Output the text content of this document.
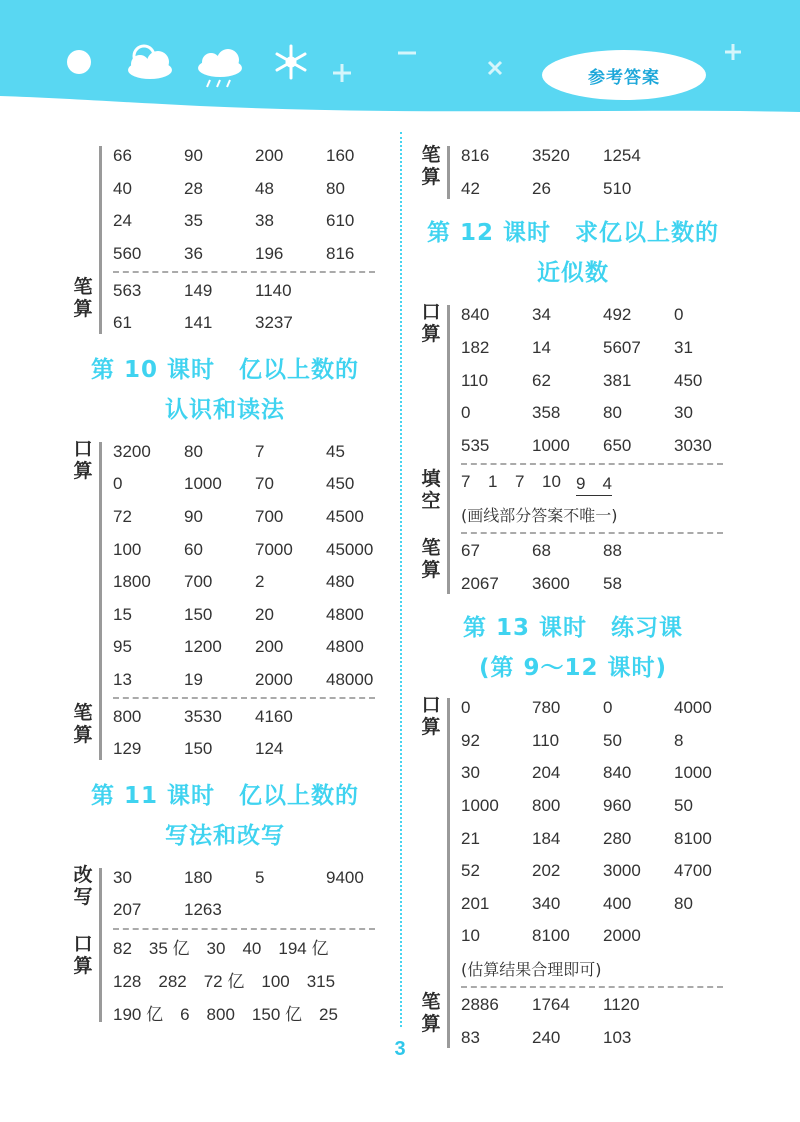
参考答案
66	90	200	160
40	28	48	80
24	35	38	610
560	36	196	816
笔算
563	149	1140
61	141	3237
第 10 课时　亿以上数的
认识和读法
口算
3200	80	7	45
0	1000	70	450
72	90	700	4500
100	60	7000	45000
1800	700	2	480
15	150	20	4800
95	1200	200	4800
13	19	2000	48000
笔算
800	3530	4160
129	150	124
第 11 课时　亿以上数的
写法和改写
改写
30	180	5	9400
207	1263
口算
82　35 亿　30　40　194 亿
128　282　72 亿　100　315
190 亿　6　800　150 亿　25
笔算
816	3520	1254
42	26	510
第 12 课时　求亿以上数的
近似数
口算
840	34	492	0
182	14	5607	31
110	62	381	450
0	358	80	30
535	1000	650	3030
填空
7	1	7	10 9　4
(画线部分答案不唯一)
笔算
67	68	88
2067	3600	58
第 13 课时　练习课
(第 9～12 课时)
口算
0	780	0	4000
92	110	50	8
30	204	840	1000
1000	800	960	50
21	184	280	8100
52	202	3000	4700
201	340	400	80
10	8100	2000
(估算结果合理即可)
笔算
2886	1764	1120
83	240	103
3
